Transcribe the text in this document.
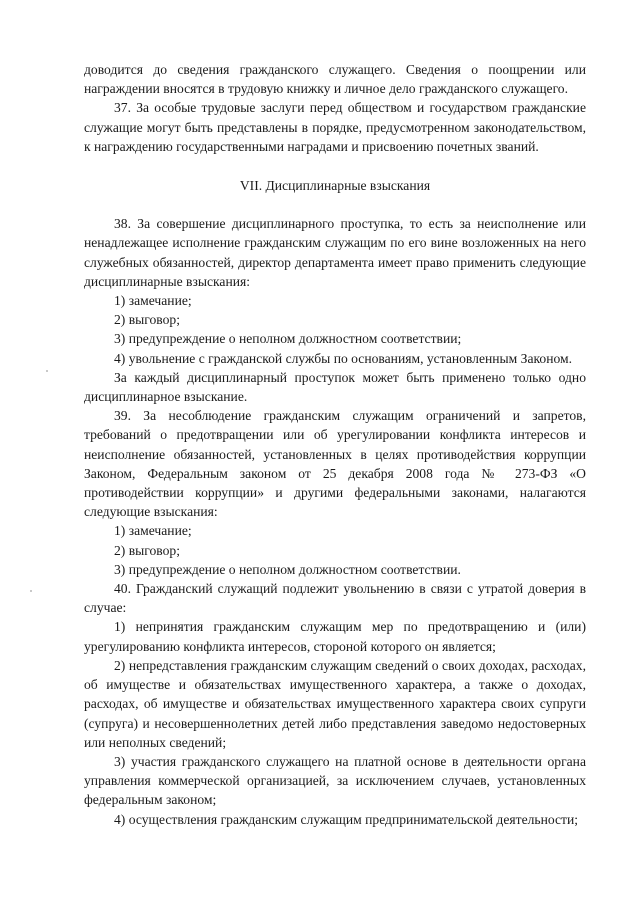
доводится до сведения гражданского служащего. Сведения о поощрении или награждении вносятся в трудовую книжку и личное дело гражданского служащего.

37. За особые трудовые заслуги перед обществом и государством гражданские служащие могут быть представлены в порядке, предусмотренном законодательством, к награждению государственными наградами и присвоению почетных званий.

VII. Дисциплинарные взыскания

38. За совершение дисциплинарного проступка, то есть за неисполнение или ненадлежащее исполнение гражданским служащим по его вине возложенных на него служебных обязанностей, директор департамента имеет право применить следующие дисциплинарные взыскания:

1) замечание;

2) выговор;

3) предупреждение о неполном должностном соответствии;

4) увольнение с гражданской службы по основаниям, установленным Законом.

За каждый дисциплинарный проступок может быть применено только одно дисциплинарное взыскание.

39. За несоблюдение гражданским служащим ограничений и запретов, требований о предотвращении или об урегулировании конфликта интересов и неисполнение обязанностей, установленных в целях противодействия коррупции Законом, Федеральным законом от 25 декабря 2008 года № 273-ФЗ «О противодействии коррупции» и другими федеральными законами, налагаются следующие взыскания:

1) замечание;

2) выговор;

3) предупреждение о неполном должностном соответствии.

40. Гражданский служащий подлежит увольнению в связи с утратой доверия в случае:

1) непринятия гражданским служащим мер по предотвращению и (или) урегулированию конфликта интересов, стороной которого он является;

2) непредставления гражданским служащим сведений о своих доходах, расходах, об имуществе и обязательствах имущественного характера, а также о доходах, расходах, об имуществе и обязательствах имущественного характера своих супруги (супруга) и несовершеннолетних детей либо представления заведомо недостоверных или неполных сведений;

3) участия гражданского служащего на платной основе в деятельности органа управления коммерческой организацией, за исключением случаев, установленных федеральным законом;

4) осуществления гражданским служащим предпринимательской деятельности;
